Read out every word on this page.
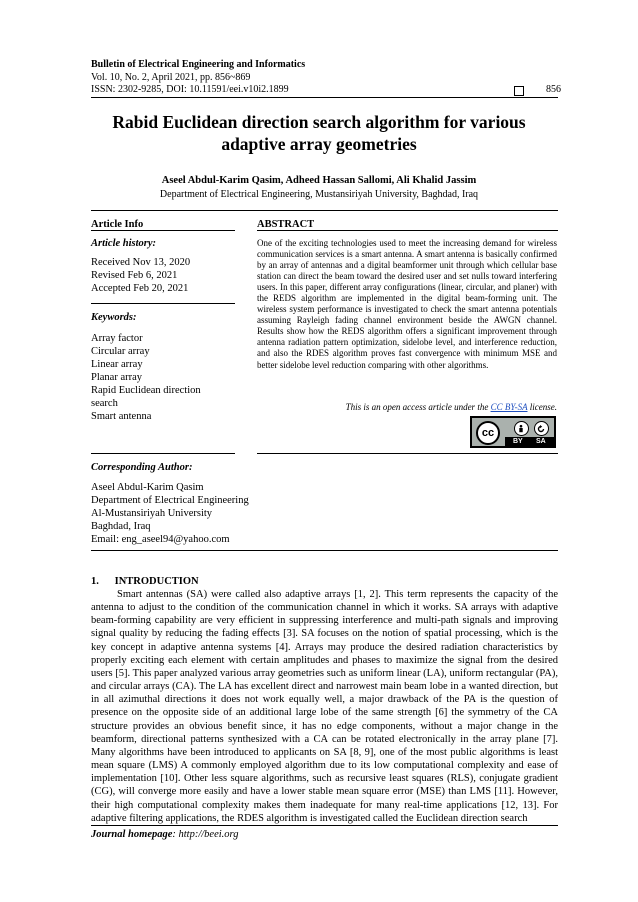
Bulletin of Electrical Engineering and Informatics
Vol. 10, No. 2, April 2021, pp. 856~869
ISSN: 2302-9285, DOI: 10.11591/eei.v10i2.1899	856
Rabid Euclidean direction search algorithm for various
adaptive array geometries
Aseel Abdul-Karim Qasim, Adheed Hassan Sallomi, Ali Khalid Jassim
Department of Electrical Engineering, Mustansiriyah University, Baghdad, Iraq
Article Info	ABSTRACT
Article history:
Received Nov 13, 2020
Revised Feb 6, 2021
Accepted Feb 20, 2021
Keywords:
Array factor
Circular array
Linear array
Planar array
Rapid Euclidean direction
search
Smart antenna
One of the exciting technologies used to meet the increasing demand for wireless communication services is a smart antenna. A smart antenna is basically confirmed by an array of antennas and a digital beamformer unit through which cellular base station can direct the beam toward the desired user and set nulls toward interfering users. In this paper, different array configurations (linear, circular, and planer) with the REDS algorithm are implemented in the digital beam-forming unit. The wireless system performance is investigated to check the smart antenna potentials assuming Rayleigh fading channel environment beside the AWGN channel. Results show how the REDS algorithm offers a significant improvement through antenna radiation pattern optimization, sidelobe level, and interference reduction, and also the RDES algorithm proves fast convergence with minimum MSE and better sidelobe level reduction comparing with other algorithms.
This is an open access article under the CC BY-SA license.
cc
BY SA
Corresponding Author:
Aseel Abdul-Karim Qasim
Department of Electrical Engineering
Al-Mustansiriyah University
Baghdad, Iraq
Email: eng_aseel94@yahoo.com
1.      INTRODUCTION
Smart antennas (SA) were called also adaptive arrays [1, 2]. This term represents the capacity of the antenna to adjust to the condition of the communication channel in which it works. SA arrays with adaptive beam-forming capability are very efficient in suppressing interference and multi-path signals and improving signal quality by reducing the fading effects [3]. SA focuses on the notion of spatial processing, which is the key concept in adaptive antenna systems [4]. Arrays may produce the desired radiation characteristics by properly exciting each element with certain amplitudes and phases to maximize the signal from the desired users [5]. This paper analyzed various array geometries such as uniform linear (LA), uniform rectangular (PA), and circular arrays (CA). The LA has excellent direct and narrowest main beam lobe in a wanted direction, but in all azimuthal directions it does not work equally well, a major drawback of the PA is the question of presence on the opposite side of an additional large lobe of the same strength [6] the symmetry of the CA structure provides an obvious benefit since, it has no edge components, without a major change in the beamform, directional patterns synthesized with a CA can be rotated electronically in the array plane [7]. Many algorithms have been introduced to applicants on SA [8, 9], one of the most public algorithms is least mean square (LMS) A commonly employed algorithm due to its low computational complexity and ease of implementation [10]. Other less square algorithms, such as recursive least squares (RLS), conjugate gradient (CG), will converge more easily and have a lower stable mean square error (MSE) than LMS [11]. However, their high computational complexity makes them inadequate for many real-time applications [12, 13]. For adaptive filtering applications, the RDES algorithm is investigated called the Euclidean direction search
Journal homepage: http://beei.org
